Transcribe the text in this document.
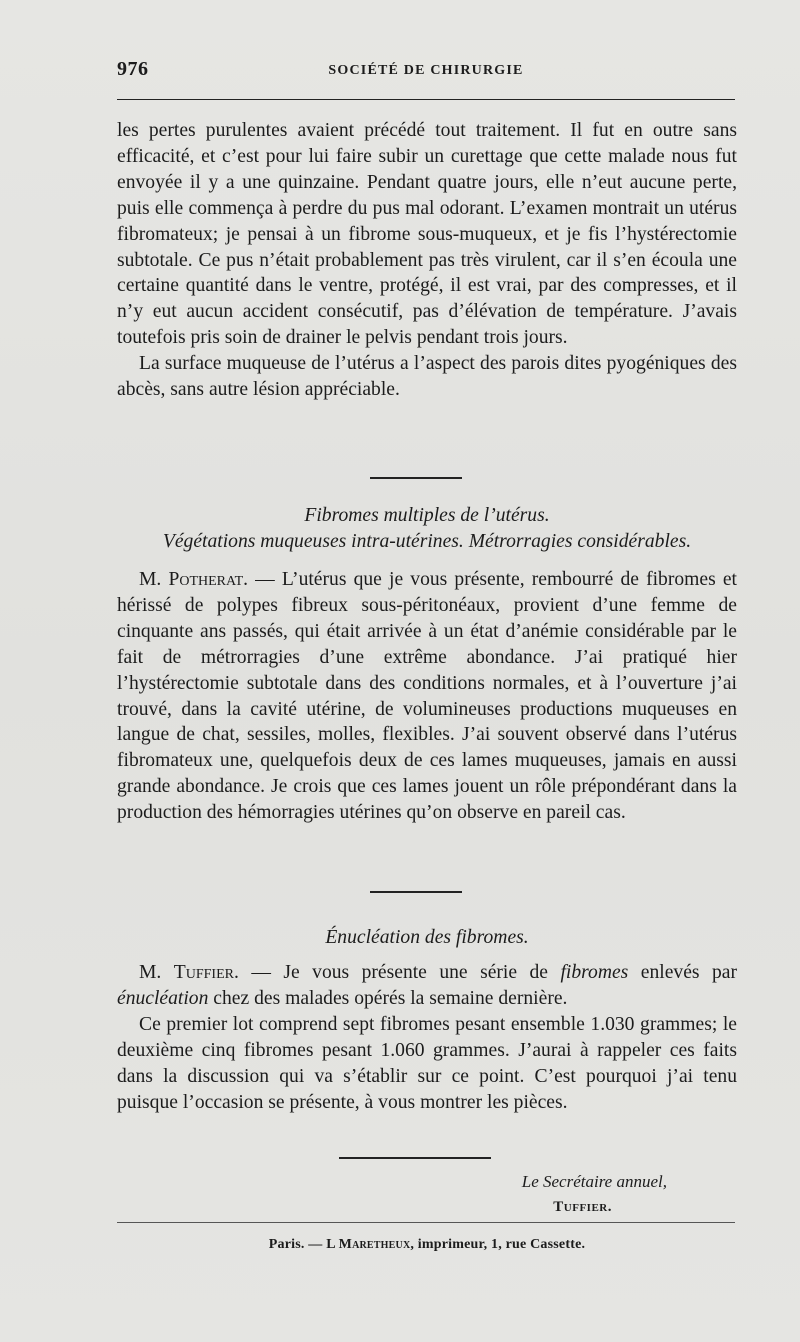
976	SOCIÉTÉ DE CHIRURGIE

les pertes purulentes avaient précédé tout traitement. Il fut en outre sans efficacité, et c’est pour lui faire subir un curettage que cette malade nous fut envoyée il y a une quinzaine. Pendant quatre jours, elle n’eut aucune perte, puis elle commença à perdre du pus mal odorant. L’examen montrait un utérus fibromateux; je pensai à un fibrome sous-muqueux, et je fis l’hystérectomie subtotale. Ce pus n’était probablement pas très virulent, car il s’en écoula une certaine quantité dans le ventre, protégé, il est vrai, par des compresses, et il n’y eut aucun accident consécutif, pas d’élévation de température. J’avais toutefois pris soin de drainer le pelvis pendant trois jours.

La surface muqueuse de l’utérus a l’aspect des parois dites pyogéniques des abcès, sans autre lésion appréciable.

Fibromes multiples de l’utérus.
Végétations muqueuses intra-utérines. Métrorragies considérables.

M. Potherat. — L’utérus que je vous présente, rembourré de fibromes et hérissé de polypes fibreux sous-péritonéaux, provient d’une femme de cinquante ans passés, qui était arrivée à un état d’anémie considérable par le fait de métrorragies d’une extrême abondance. J’ai pratiqué hier l’hystérectomie subtotale dans des conditions normales, et à l’ouverture j’ai trouvé, dans la cavité utérine, de volumineuses productions muqueuses en langue de chat, sessiles, molles, flexibles. J’ai souvent observé dans l’utérus fibromateux une, quelquefois deux de ces lames muqueuses, jamais en aussi grande abondance. Je crois que ces lames jouent un rôle prépondérant dans la production des hémorragies utérines qu’on observe en pareil cas.

Énucléation des fibromes.

M. Tuffier. — Je vous présente une série de fibromes enlevés par énucléation chez des malades opérés la semaine dernière.

Ce premier lot comprend sept fibromes pesant ensemble 1.030 grammes; le deuxième cinq fibromes pesant 1.060 grammes. J’aurai à rappeler ces faits dans la discussion qui va s’établir sur ce point. C’est pourquoi j’ai tenu puisque l’occasion se présente, à vous montrer les pièces.

Le Secrétaire annuel,
Tuffier.
Paris. — L Maretheux, imprimeur, 1, rue Cassette.
